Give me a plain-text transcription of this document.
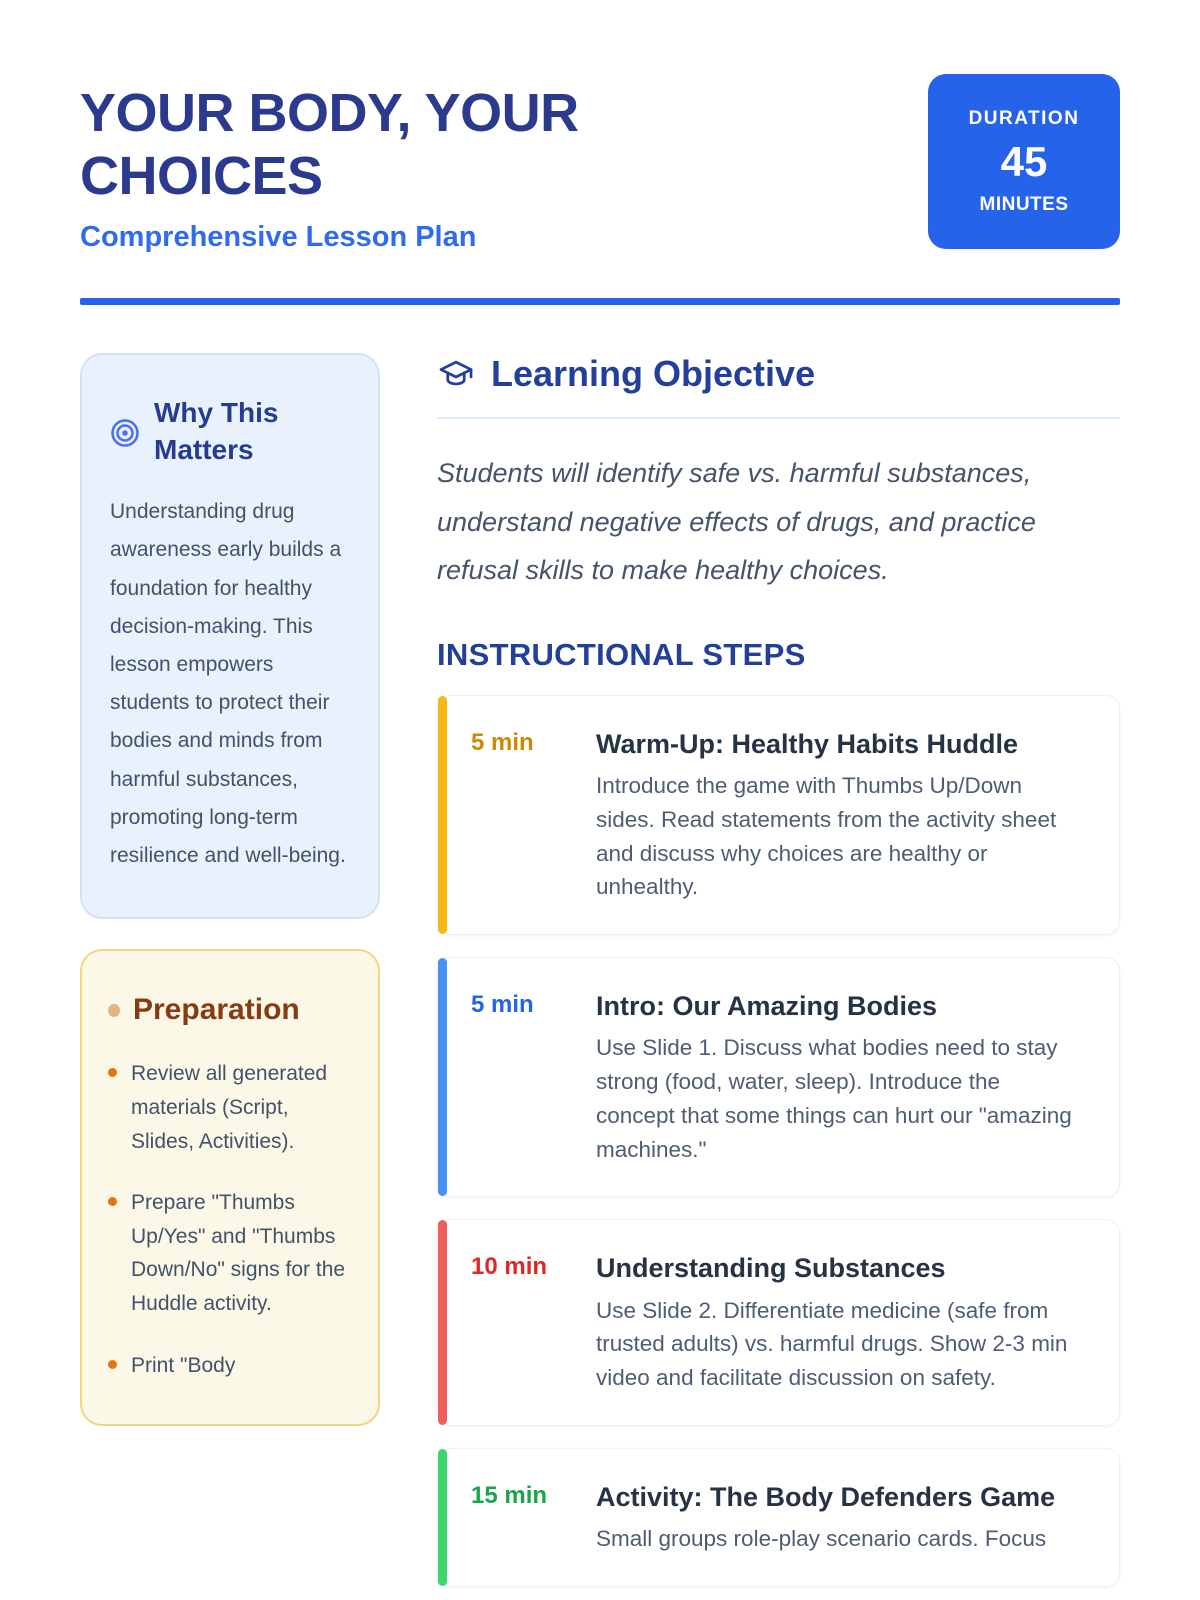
YOUR BODY, YOUR CHOICES
Comprehensive Lesson Plan
DURATION
45
MINUTES
Why This Matters
Understanding drug awareness early builds a foundation for healthy decision-making. This lesson empowers students to protect their bodies and minds from harmful substances, promoting long-term resilience and well-being.
Preparation
Review all generated materials (Script, Slides, Activities).
Prepare "Thumbs Up/Yes" and "Thumbs Down/No" signs for the Huddle activity.
Print "Body
Learning Objective

Students will identify safe vs. harmful substances, understand negative effects of drugs, and practice refusal skills to make healthy choices.

INSTRUCTIONAL STEPS
5 min	Warm-Up: Healthy Habits Huddle
Introduce the game with Thumbs Up/Down sides. Read statements from the activity sheet and discuss why choices are healthy or unhealthy.
5 min	Intro: Our Amazing Bodies
Use Slide 1. Discuss what bodies need to stay strong (food, water, sleep). Introduce the concept that some things can hurt our "amazing machines."
10 min	Understanding Substances
Use Slide 2. Differentiate medicine (safe from trusted adults) vs. harmful drugs. Show 2-3 min video and facilitate discussion on safety.
15 min	Activity: The Body Defenders Game
Small groups role-play scenario cards. Focus
